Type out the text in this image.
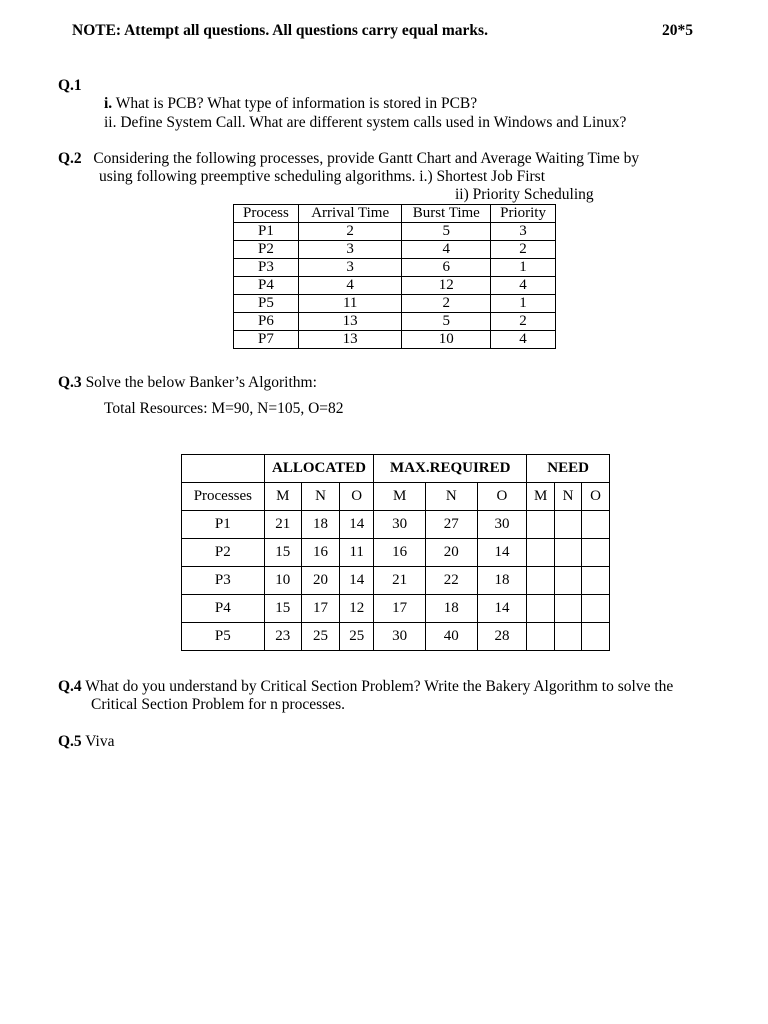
NOTE: Attempt all questions. All questions carry equal marks.	20*5
Q.1
i. What is PCB? What type of information is stored in PCB?
ii. Define System Call. What are different system calls used in Windows and Linux?
Q.2 Considering the following processes, provide Gantt Chart and Average Waiting Time by
using following preemptive scheduling algorithms. i.) Shortest Job First
ii) Priority Scheduling
Process	Arrival Time	Burst Time	Priority
P1	2	5	3
P2	3	4	2
P3	3	6	1
P4	4	12	4
P5	11	2	1
P6	13	5	2
P7	13	10	4
Q.3 Solve the below Banker’s Algorithm:
Total Resources: M=90, N=105, O=82
	ALLOCATED			MAX.REQUIRED			NEED		
Processes	M	N	O	M	N	O	M	N	O
P1	21	18	14	30	27	30			
P2	15	16	11	16	20	14			
P3	10	20	14	21	22	18			
P4	15	17	12	17	18	14			
P5	23	25	25	30	40	28			
Q.4 What do you understand by Critical Section Problem? Write the Bakery Algorithm to solve the
Critical Section Problem for n processes.
Q.5 Viva
